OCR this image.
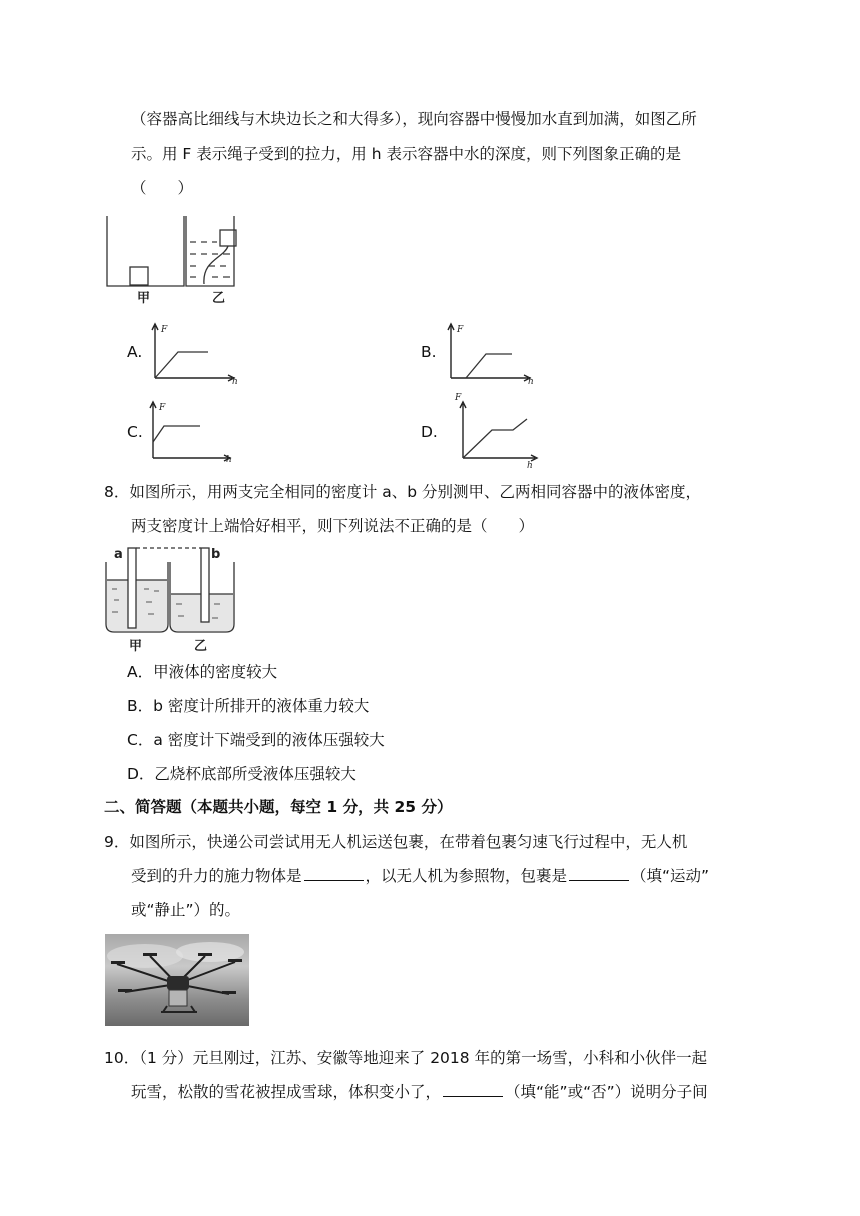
（容器高比细线与木块边长之和大得多），现向容器中慢慢加水直到加满，如图乙所
示。用 F 表示绳子受到的拉力，用 h 表示容器中水的深度，则下列图象正确的是
（　　）
甲	乙
A.
F
h
B.
F
h
C.
F
h
D.
F
h
8．如图所示，用两支完全相同的密度计 a、b 分别测甲、乙两相同容器中的液体密度，
两支密度计上端恰好相平，则下列说法不正确的是（　　）
a	b
甲	乙
A．甲液体的密度较大
B．b 密度计所排开的液体重力较大
C．a 密度计下端受到的液体压强较大
D．乙烧杯底部所受液体压强较大
二、简答题（本题共小题，每空 1 分，共 25 分）
9．如图所示，快递公司尝试用无人机运送包裹，在带着包裹匀速飞行过程中，无人机
受到的升力的施力物体是	，以无人机为参照物，包裹是	（填“运动”
或“静止”）的。
10．（1 分）元旦刚过，江苏、安徽等地迎来了 2018 年的第一场雪，小科和小伙伴一起
玩雪，松散的雪花被捏成雪球，体积变小了，	（填“能”或“否”）说明分子间
